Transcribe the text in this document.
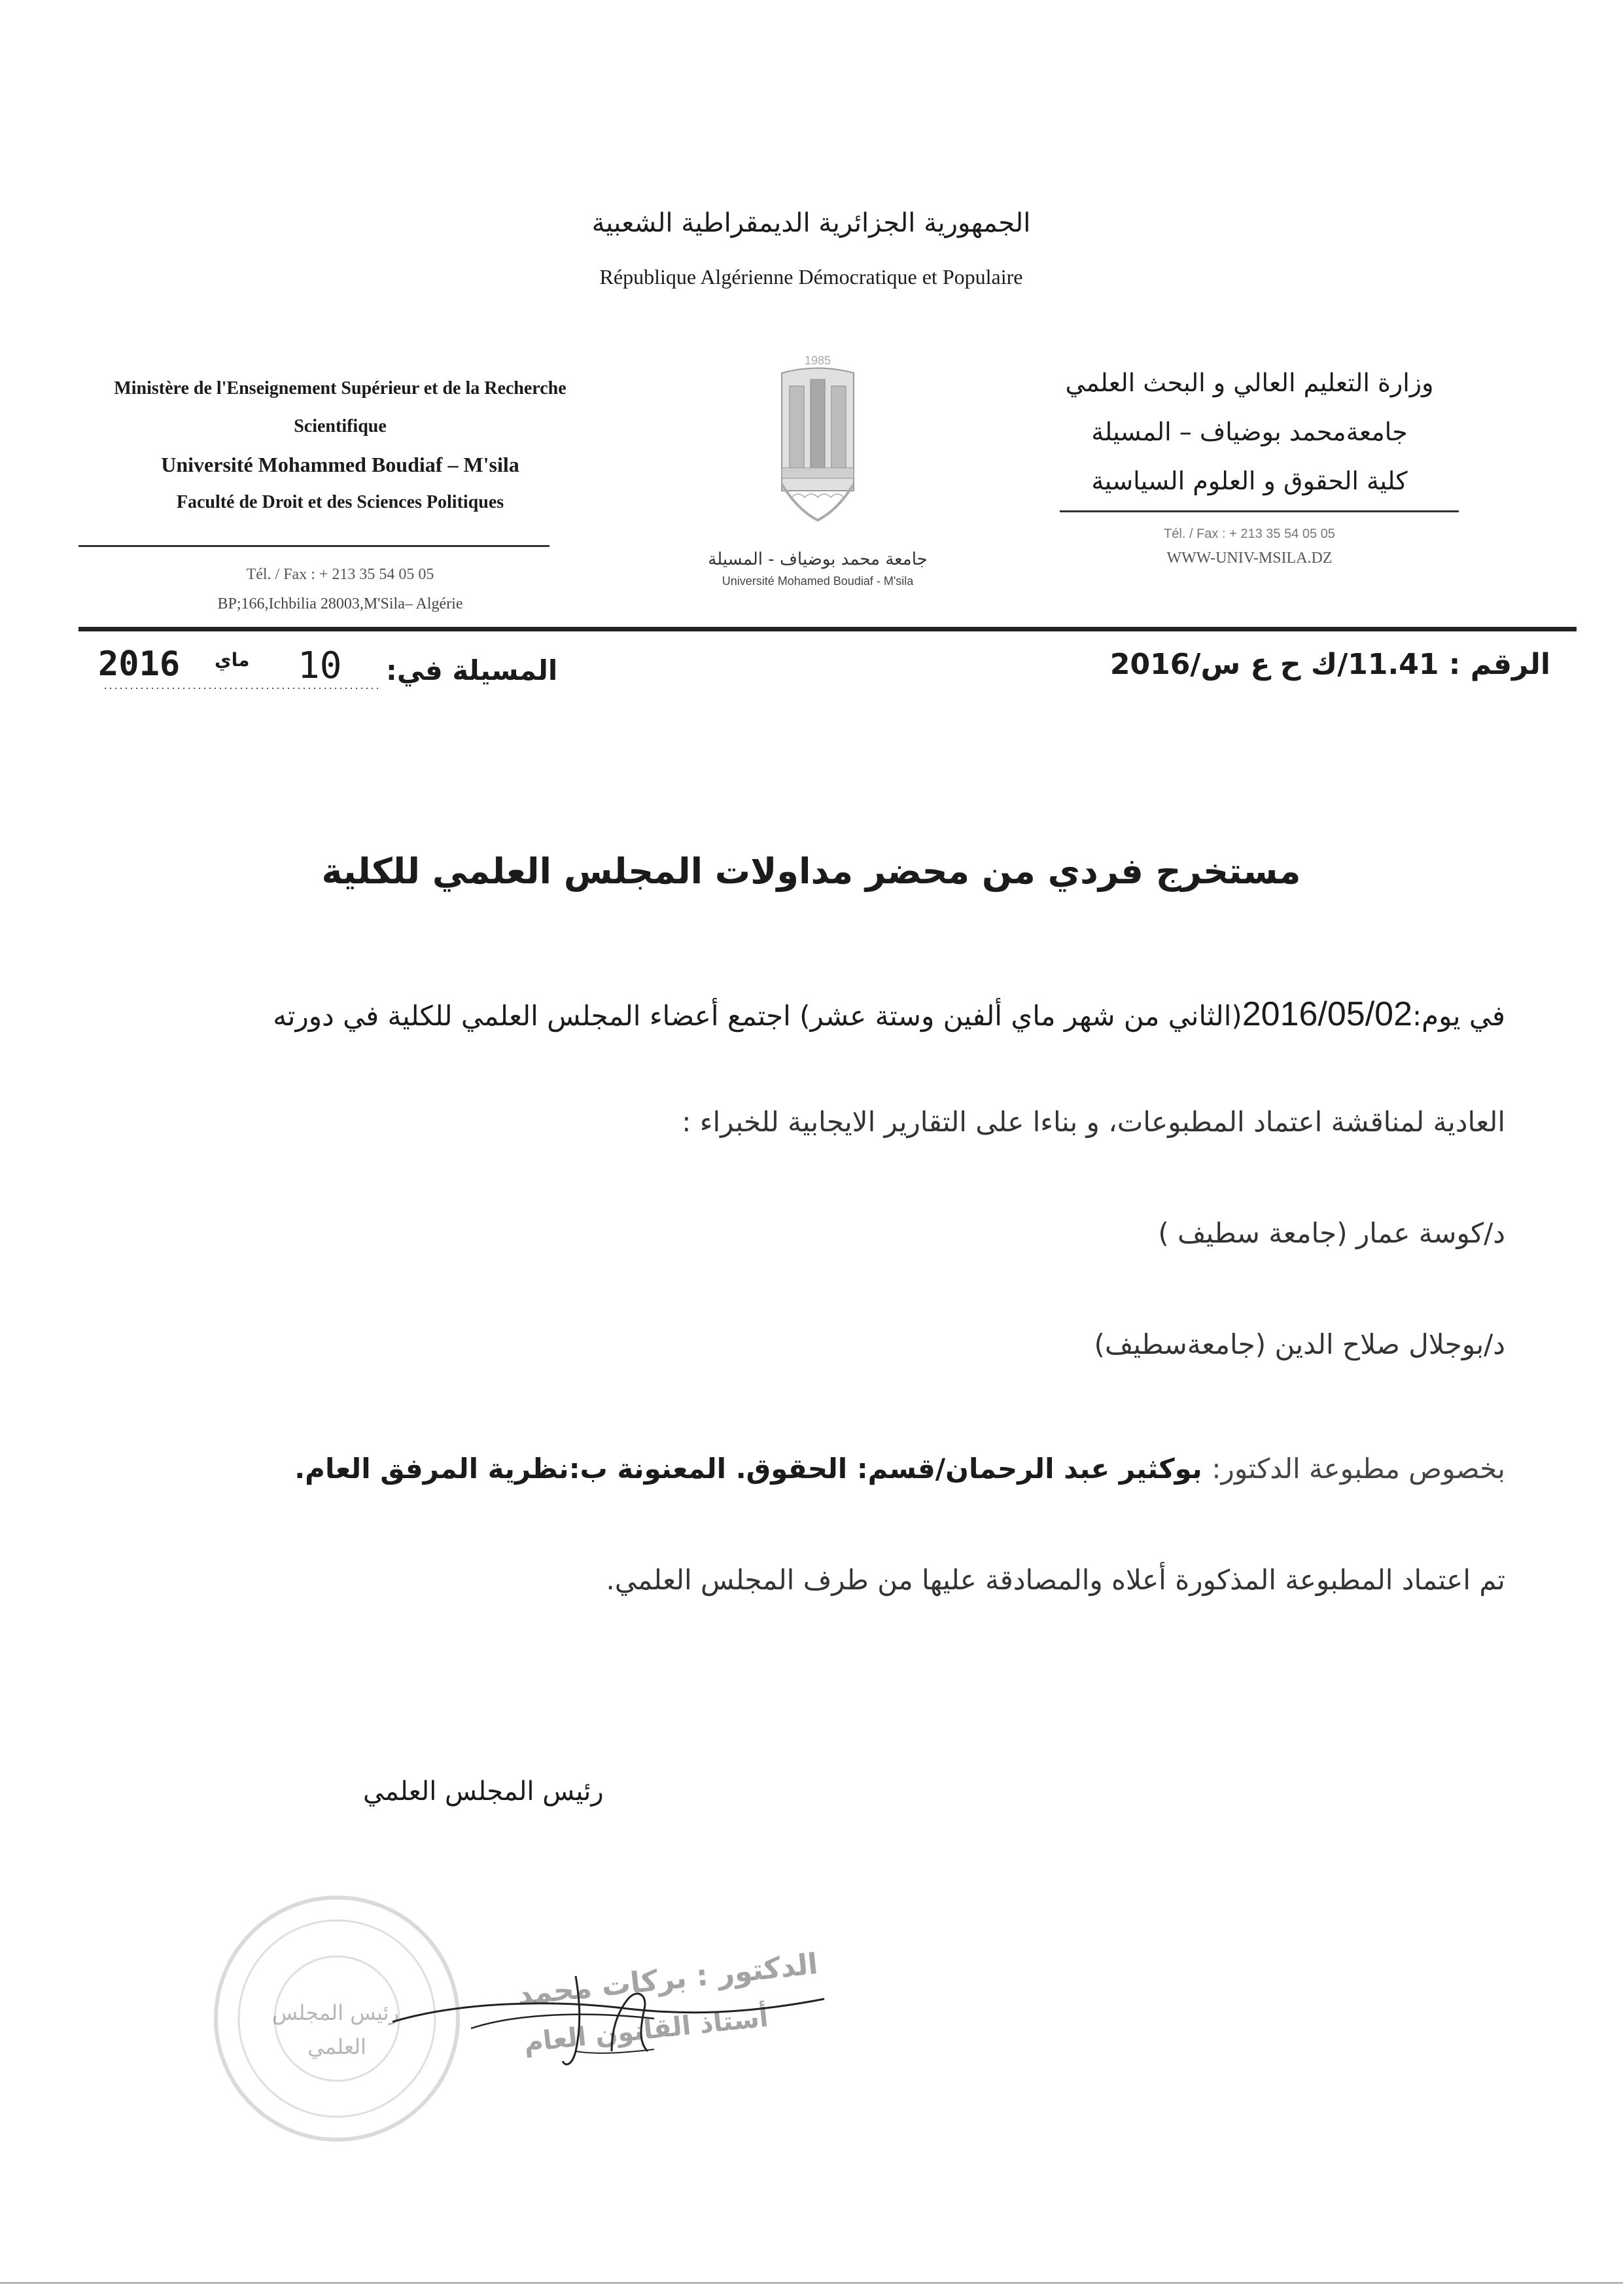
الجمهورية الجزائرية الديمقراطية الشعبية
République Algérienne Démocratique et Populaire
Ministère de l'Enseignement Supérieur et de la Recherche
Scientifique
Université Mohammed Boudiaf – M'sila
Faculté de Droit et des Sciences Politiques
Tél. / Fax : + 213 35 54 05 05
BP;166,Ichbilia 28003,M'Sila– Algérie
1985
جامعة محمد بوضياف - المسيلة
Université Mohamed Boudiaf - M'sila
وزارة التعليم العالي و البحث العلمي
جامعةمحمد بوضياف – المسيلة
كلية الحقوق و العلوم السياسية
Tél. / Fax : + 213 35 54 05 05
WWW-UNIV-MSILA.DZ
2016 ماي 10 المسيلة في:	الرقم : 11.41/ك ح ع س/2016
مستخرج فردي من محضر مداولات المجلس العلمي للكلية
في يوم:2016/05/02(الثاني من شهر ماي ألفين وستة عشر) اجتمع أعضاء المجلس العلمي للكلية في دورته
العادية لمناقشة اعتماد المطبوعات، و بناءا على التقارير الايجابية للخبراء :
د/كوسة عمار (جامعة سطيف )
د/بوجلال صلاح الدين (جامعةسطيف)
بخصوص مطبوعة الدكتور: بوكثير عبد الرحمان/قسم: الحقوق. المعنونة ب:نظرية المرفق العام.
تم اعتماد المطبوعة المذكورة أعلاه والمصادقة عليها من طرف المجلس العلمي.
رئيس المجلس العلمي
رئيس المجلس
العلمي
الدكتور : بركات محمد
أستاذ القانون العام
